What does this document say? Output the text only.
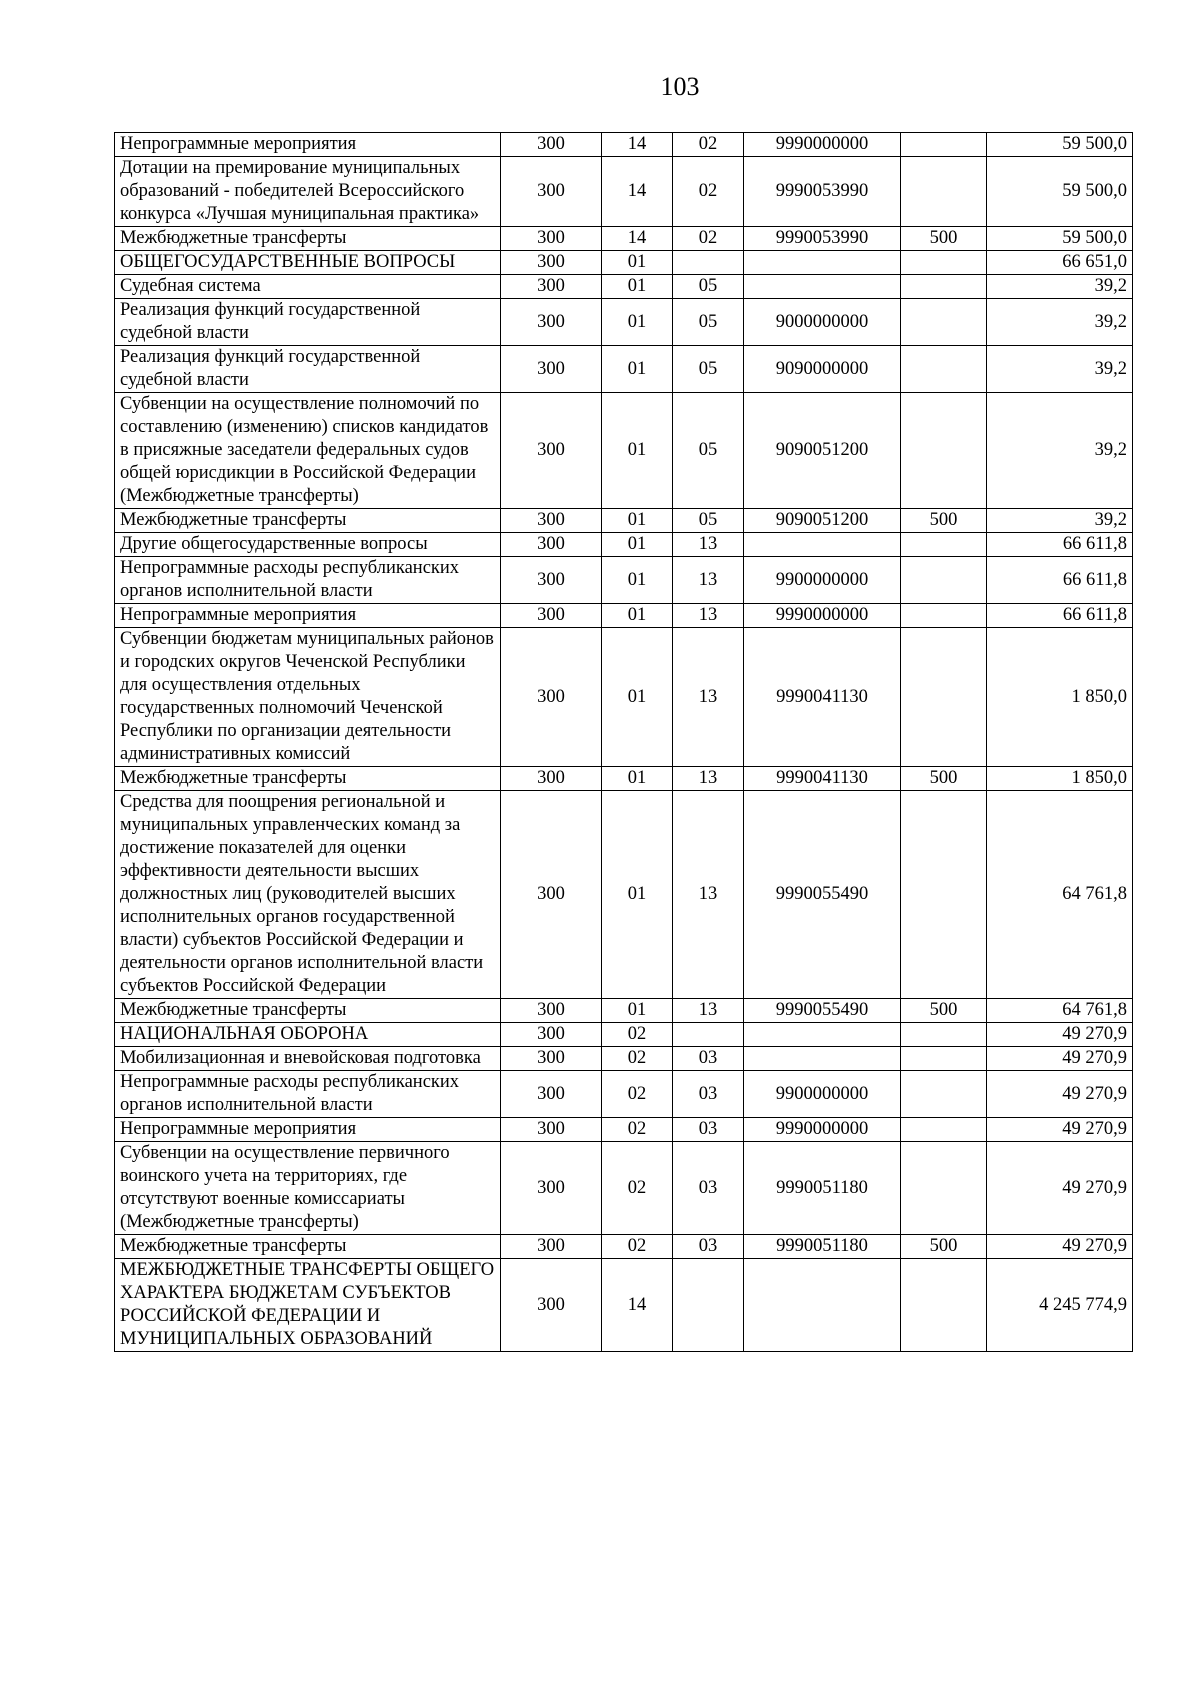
103
Непрограммные мероприятия	300	14	02	9990000000		59 500,0
Дотации на премирование муниципальных образований - победителей Всероссийского конкурса «Лучшая муниципальная практика»	300	14	02	9990053990		59 500,0
Межбюджетные трансферты	300	14	02	9990053990	500	59 500,0
ОБЩЕГОСУДАРСТВЕННЫЕ ВОПРОСЫ	300	01				66 651,0
Судебная система	300	01	05			39,2
Реализация функций государственной судебной власти	300	01	05	9000000000		39,2
Реализация функций государственной судебной власти	300	01	05	9090000000		39,2
Субвенции на осуществление полномочий по составлению (изменению) списков кандидатов в присяжные заседатели федеральных судов общей юрисдикции в Российской Федерации (Межбюджетные трансферты)	300	01	05	9090051200		39,2
Межбюджетные трансферты	300	01	05	9090051200	500	39,2
Другие общегосударственные вопросы	300	01	13			66 611,8
Непрограммные расходы республиканских органов исполнительной власти	300	01	13	9900000000		66 611,8
Непрограммные мероприятия	300	01	13	9990000000		66 611,8
Субвенции бюджетам муниципальных районов и городских округов Чеченской Республики для осуществления отдельных государственных полномочий Чеченской Республики по организации деятельности административных комиссий	300	01	13	9990041130		1 850,0
Межбюджетные трансферты	300	01	13	9990041130	500	1 850,0
Средства для поощрения региональной и муниципальных управленческих команд за достижение показателей для оценки эффективности деятельности высших должностных лиц (руководителей высших исполнительных органов государственной власти) субъектов Российской Федерации и деятельности органов исполнительной власти субъектов Российской Федерации	300	01	13	9990055490		64 761,8
Межбюджетные трансферты	300	01	13	9990055490	500	64 761,8
НАЦИОНАЛЬНАЯ ОБОРОНА	300	02				49 270,9
Мобилизационная и вневойсковая подготовка	300	02	03			49 270,9
Непрограммные расходы республиканских органов исполнительной власти	300	02	03	9900000000		49 270,9
Непрограммные мероприятия	300	02	03	9990000000		49 270,9
Субвенции на осуществление первичного воинского учета на территориях, где отсутствуют военные комиссариаты (Межбюджетные трансферты)	300	02	03	9990051180		49 270,9
Межбюджетные трансферты	300	02	03	9990051180	500	49 270,9
МЕЖБЮДЖЕТНЫЕ ТРАНСФЕРТЫ ОБЩЕГО ХАРАКТЕРА БЮДЖЕТАМ СУБЪЕКТОВ РОССИЙСКОЙ ФЕДЕРАЦИИ И МУНИЦИПАЛЬНЫХ ОБРАЗОВАНИЙ	300	14				4 245 774,9
